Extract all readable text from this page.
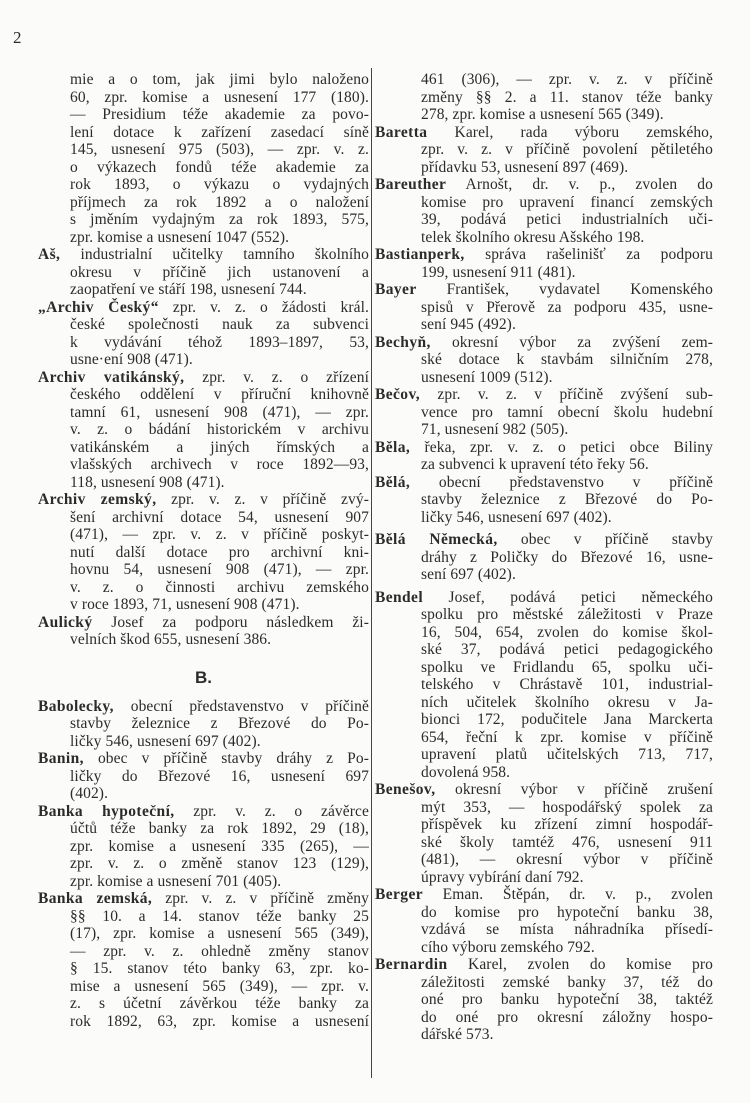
2
mie a o tom, jak jimi bylo naloženo
60, zpr. komise a usnesení 177 (180).
— Presidium téže akademie za povo-
lení dotace k zařízení zasedací síně
145, usnesení 975 (503), — zpr. v. z.
o výkazech fondů téže akademie za
rok 1893, o výkazu o vydajných
příjmech za rok 1892 a o naložení
s jměním vydajným za rok 1893, 575,
zpr. komise a usnesení 1047 (552).
Aš, industrialní učitelky tamního školního
okresu v příčině jich ustanovení a
zaopatření ve stáří 198, usnesení 744.
„Archiv Český“ zpr. v. z. o žádosti král.
české společnosti nauk za subvenci
k vydávání téhož 1893–1897, 53,
usne·ení 908 (471).
Archiv vatikánský, zpr. v. z. o zřízení
českého oddělení v příruční knihovně
tamní 61, usnesení 908 (471), — zpr.
v. z. o bádání historickém v archivu
vatikánském a jiných římských a
vlašských archivech v roce 1892—93,
118, usnesení 908 (471).
Archiv zemský, zpr. v. z. v příčině zvý-
šení archivní dotace 54, usnesení 907
(471), — zpr. v. z. v příčině poskyt-
nutí další dotace pro archivní kni-
hovnu 54, usnesení 908 (471), — zpr.
v. z. o činnosti archivu zemského
v roce 1893, 71, usnesení 908 (471).
Aulický Josef za podporu následkem ži-
velních škod 655, usnesení 386.
B.
Babolecky, obecní představenstvo v příčině
stavby železnice z Březové do Po-
ličky 546, usnesení 697 (402).
Banin, obec v příčině stavby dráhy z Po-
ličky do Březové 16, usnesení 697
(402).
Banka hypoteční, zpr. v. z. o závěrce
účtů téže banky za rok 1892, 29 (18),
zpr. komise a usnesení 335 (265), —
zpr. v. z. o změně stanov 123 (129),
zpr. komise a usnesení 701 (405).
Banka zemská, zpr. v. z. v příčině změny
§§ 10. a 14. stanov téže banky 25
(17), zpr. komise a usnesení 565 (349),
— zpr. v. z. ohledně změny stanov
§ 15. stanov této banky 63, zpr. ko-
mise a usnesení 565 (349), — zpr. v.
z. s účetní závěrkou téže banky za
rok 1892, 63, zpr. komise a usnesení
461 (306), — zpr. v. z. v příčině
změny §§ 2. a 11. stanov téže banky
278, zpr. komise a usnesení 565 (349).
Baretta Karel, rada výboru zemského,
zpr. v. z. v příčině povolení pětiletého
přídavku 53, usnesení 897 (469).
Bareuther Arnošt, dr. v. p., zvolen do
komise pro upravení financí zemských
39, podává petici industrialních uči-
telek školního okresu Ašského 198.
Bastianperk, správa rašelinišť za podporu
199, usnesení 911 (481).
Bayer František, vydavatel Komenského
spisů v Přerově za podporu 435, usne-
sení 945 (492).
Bechyň, okresní výbor za zvýšení zem-
ské dotace k stavbám silničním 278,
usnesení 1009 (512).
Bečov, zpr. v. z. v příčině zvýšení sub-
vence pro tamní obecní školu hudební
71, usnesení 982 (505).
Běla, řeka, zpr. v. z. o petici obce Biliny
za subvenci k upravení této řeky 56.
Bělá, obecní představenstvo v příčině
stavby železnice z Březové do Po-
ličky 546, usnesení 697 (402).
Bělá Německá, obec v příčině stavby
dráhy z Poličky do Březové 16, usne-
sení 697 (402).
Bendel Josef, podává petici německého
spolku pro městské záležitosti v Praze
16, 504, 654, zvolen do komise škol-
ské 37, podává petici pedagogického
spolku ve Fridlandu 65, spolku uči-
telského v Chrástavě 101, industrial-
ních učitelek školního okresu v Ja-
bionci 172, podučitele Jana Marckerta
654, řeční k zpr. komise v příčině
upravení platů učitelských 713, 717,
dovolená 958.
Benešov, okresní výbor v příčině zrušení
mýt 353, — hospodářský spolek za
příspěvek ku zřízení zimní hospodář-
ské školy tamtéž 476, usnesení 911
(481), — okresní výbor v příčině
úpravy vybírání daní 792.
Berger Eman. Štěpán, dr. v. p., zvolen
do komise pro hypoteční banku 38,
vzdává se místa náhradníka přísedí-
cího výboru zemského 792.
Bernardin Karel, zvolen do komise pro
záležitosti zemské banky 37, též do
oné pro banku hypoteční 38, taktéž
do oné pro okresní záložny hospo-
dářské 573.
